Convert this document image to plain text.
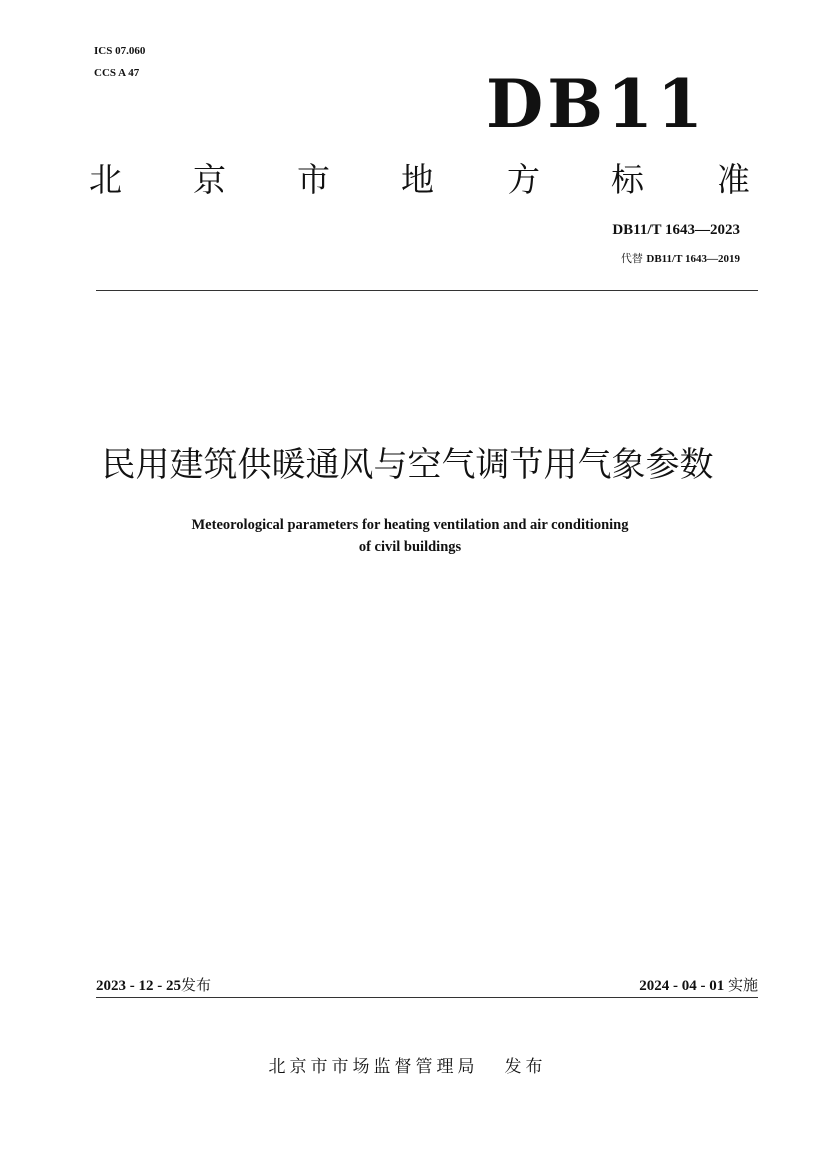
ICS 07.060
CCS A 47	DB11
北 京 市 地 方 标 准
DB11/T 1643—2023
代替 DB11/T 1643—2019
民用建筑供暖通风与空气调节用气象参数
Meteorological parameters for heating ventilation and air conditioning
of civil buildings
2023 - 12 - 25发布	2024 - 04 - 01 实施
北京市市场监督管理局 发布
